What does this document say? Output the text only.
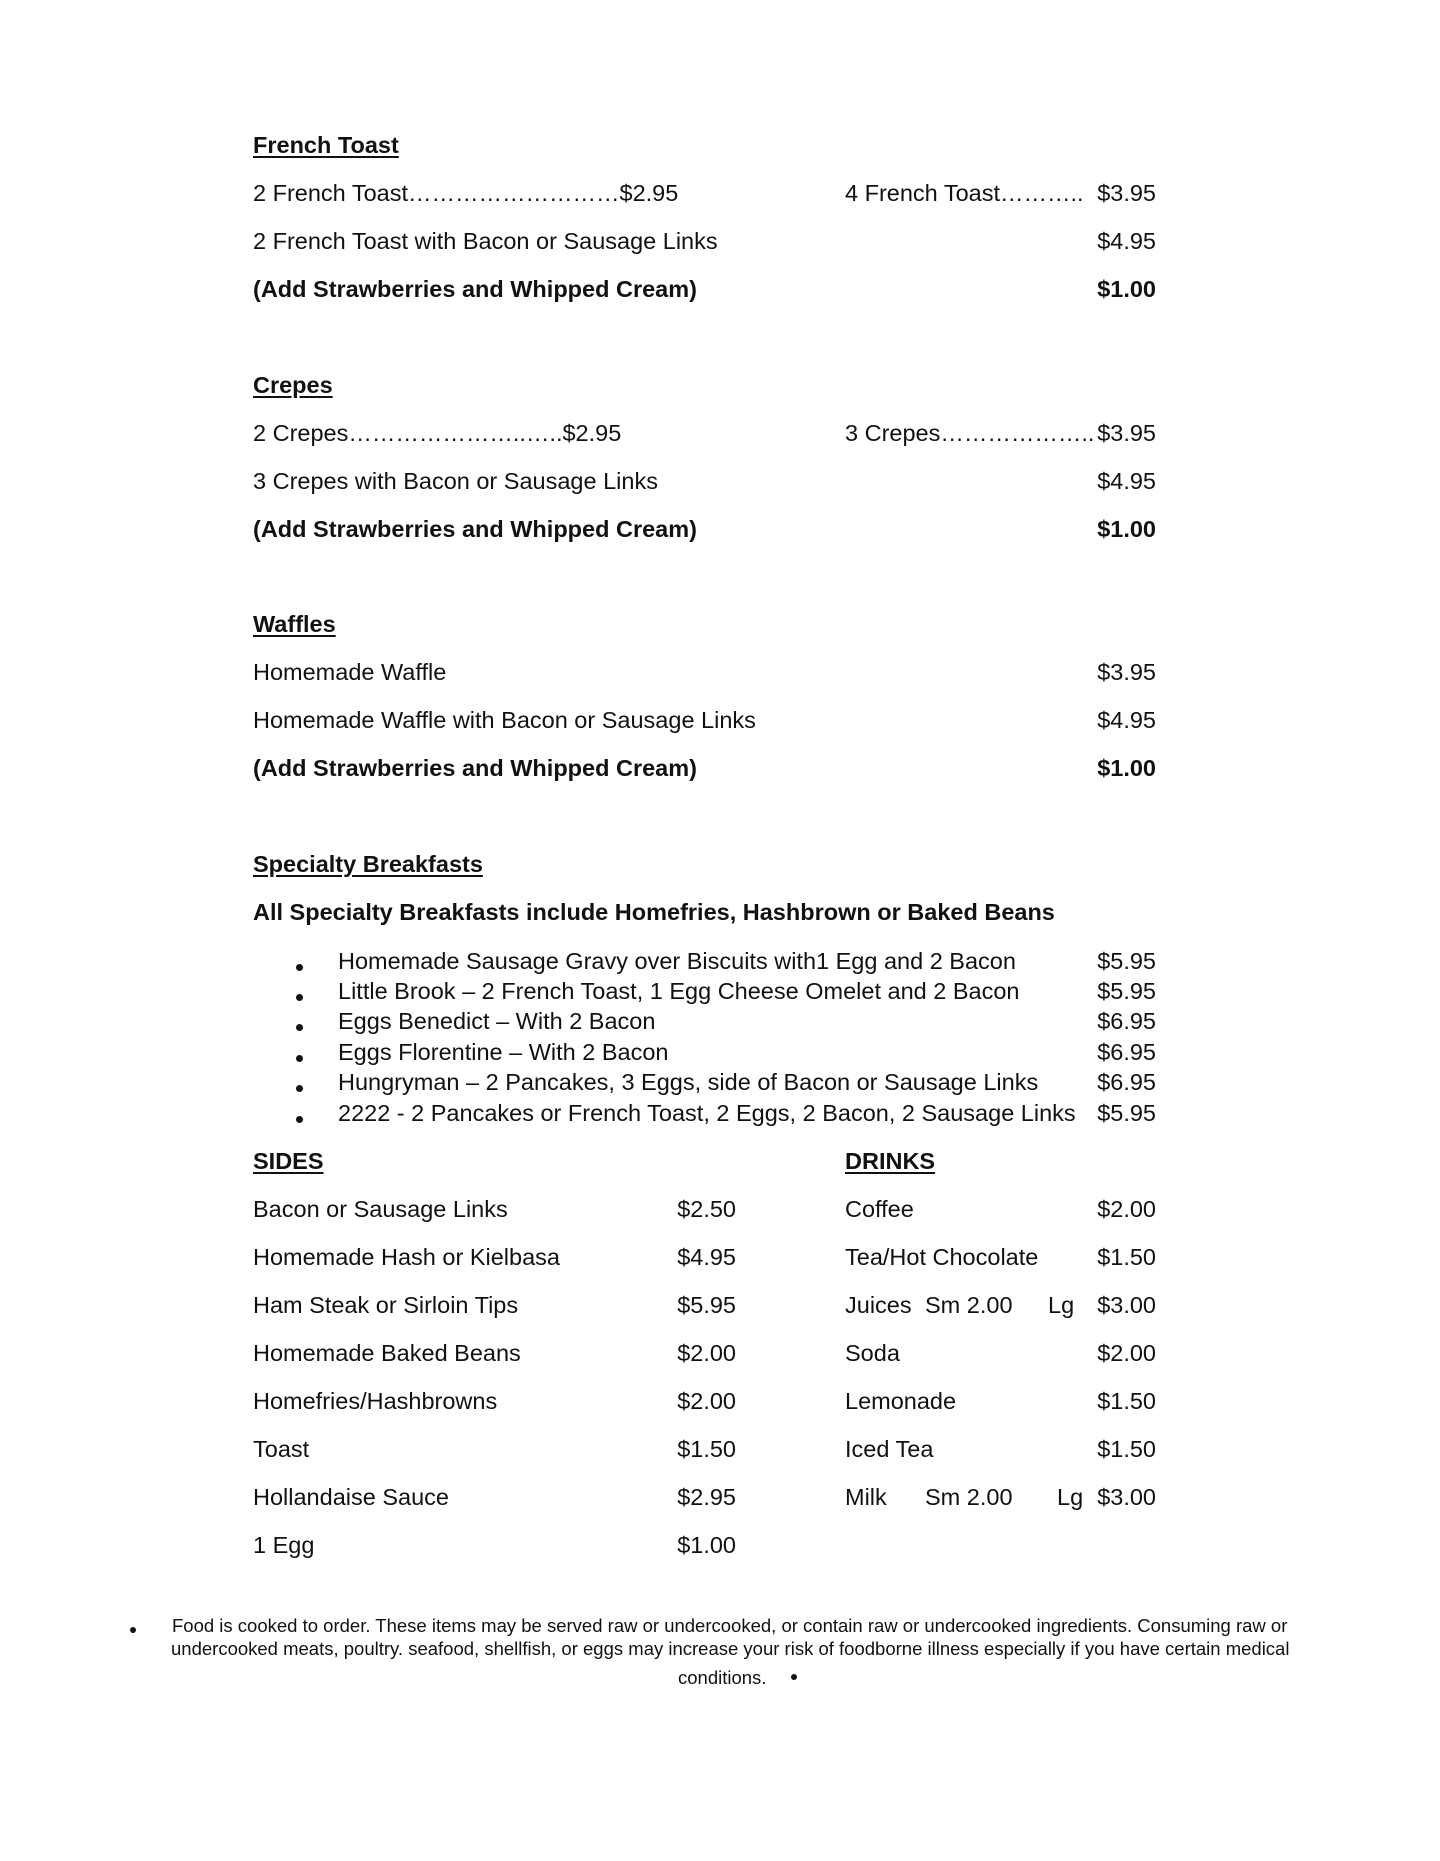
French Toast
2 French Toast………………………$2.95	4 French Toast……….. $3.95
2 French Toast with Bacon or Sausage Links	$4.95
(Add Strawberries and Whipped Cream)	$1.00
Crepes
2 Crepes…………………..…..$2.95	3 Crepes……………….. $3.95
3 Crepes with Bacon or Sausage Links	$4.95
(Add Strawberries and Whipped Cream)	$1.00
Waffles
Homemade Waffle	$3.95
Homemade Waffle with Bacon or Sausage Links	$4.95
(Add Strawberries and Whipped Cream)	$1.00
Specialty Breakfasts
All Specialty Breakfasts include Homefries, Hashbrown or Baked Beans
Homemade Sausage Gravy over Biscuits with1 Egg and 2 Bacon	$5.95
Little Brook – 2 French Toast, 1 Egg Cheese Omelet and 2 Bacon	$5.95
Eggs Benedict – With 2 Bacon	$6.95
Eggs Florentine – With 2 Bacon	$6.95
Hungryman – 2 Pancakes, 3 Eggs, side of Bacon or Sausage Links	$6.95
2222 - 2 Pancakes or French Toast, 2 Eggs, 2 Bacon, 2 Sausage Links $5.95
SIDES
Bacon or Sausage Links	$2.50
Homemade Hash or Kielbasa	$4.95
Ham Steak or Sirloin Tips	$5.95
Homemade Baked Beans	$2.00
Homefries/Hashbrowns	$2.00
Toast	$1.50
Hollandaise Sauce	$2.95
1 Egg	$1.00
DRINKS
Coffee	$2.00
Tea/Hot Chocolate	$1.50
Juices Sm 2.00 Lg $3.00
Soda	$2.00
Lemonade	$1.50
Iced Tea	$1.50
Milk Sm 2.00 Lg $3.00
Food is cooked to order. These items may be served raw or undercooked, or contain raw or undercooked ingredients. Consuming raw or
undercooked meats, poultry. seafood, shellfish, or eggs may increase your risk of foodborne illness especially if you have certain medical
conditions.
